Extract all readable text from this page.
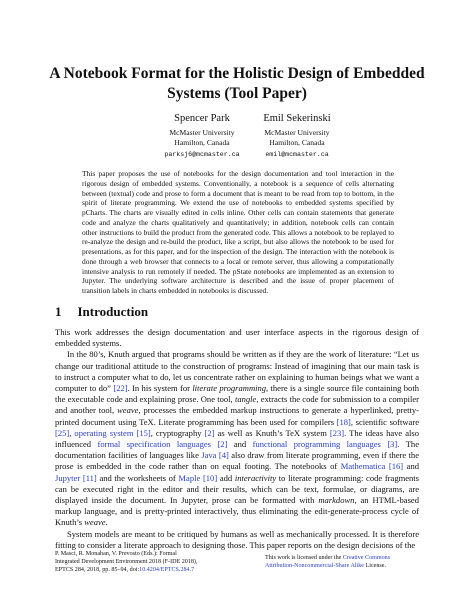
A Notebook Format for the Holistic Design of Embedded
Systems (Tool Paper)
Spencer Park
McMaster University
Hamilton, Canada
parksj6@mcmaster.ca
Emil Sekerinski
McMaster University
Hamilton, Canada
emil@mcmaster.ca
This paper proposes the use of notebooks for the design documentation and tool interaction in the rigorous design of embedded systems. Conventionally, a notebook is a sequence of cells alternating between (textual) code and prose to form a document that is meant to be read from top to bottom, in the spirit of literate programming. We extend the use of notebooks to embedded systems specified by pCharts. The charts are visually edited in cells inline. Other cells can contain statements that generate code and analyze the charts qualitatively and quantitatively; in addition, notebook cells can contain other instructions to build the product from the generated code. This allows a notebook to be replayed to re-analyze the design and re-build the product, like a script, but also allows the notebook to be used for presentations, as for this paper, and for the inspection of the design. The interaction with the notebook is done through a web browser that connects to a local or remote server, thus allowing a computationally intensive analysis to run remotely if needed. The pState notebooks are implemented as an extension to Jupyter. The underlying software architecture is described and the issue of proper placement of transition labels in charts embedded in notebooks is discussed.
1 Introduction

This work addresses the design documentation and user interface aspects in the rigorous design of embedded systems.

In the 80’s, Knuth argued that programs should be written as if they are the work of literature: “Let us change our traditional attitude to the construction of programs: Instead of imagining that our main task is to instruct a computer what to do, let us concentrate rather on explaining to human beings what we want a computer to do” [22]. In his system for literate programming, there is a single source file containing both the executable code and explaining prose. One tool, tangle, extracts the code for submission to a compiler and another tool, weave, processes the embedded markup instructions to generate a hyperlinked, pretty-printed document using TeX. Literate programming has been used for compilers [18], scientific software [25], operating system [15], cryptography [2] as well as Knuth’s TeX system [23]. The ideas have also influenced formal specification languages [2] and functional programming languages [3]. The documentation facilities of languages like Java [4] also draw from literate programming, even if there the prose is embedded in the code rather than on equal footing. The notebooks of Mathematica [16] and Jupyter [11] and the worksheets of Maple [10] add interactivity to literate programming: code fragments can be executed right in the editor and their results, which can be text, formulae, or diagrams, are displayed inside the document. In Jupyter, prose can be formatted with markdown, an HTML-based markup language, and is pretty-printed interactively, thus eliminating the edit-generate-process cycle of Knuth’s weave.

System models are meant to be critiqued by humans as well as mechanically processed. It is therefore fitting to consider a literate approach to designing those. This paper reports on the design decisions of the

P. Masci, R. Monahan, V. Prevosto (Eds.): Formal
Integrated Development Environment 2018 (F-IDE 2018),
EPTCS 284, 2018, pp. 85–94, doi:10.4204/EPTCS.284.7
This work is licensed under the Creative Commons
Attribution-Noncommercial-Share Alike License.
